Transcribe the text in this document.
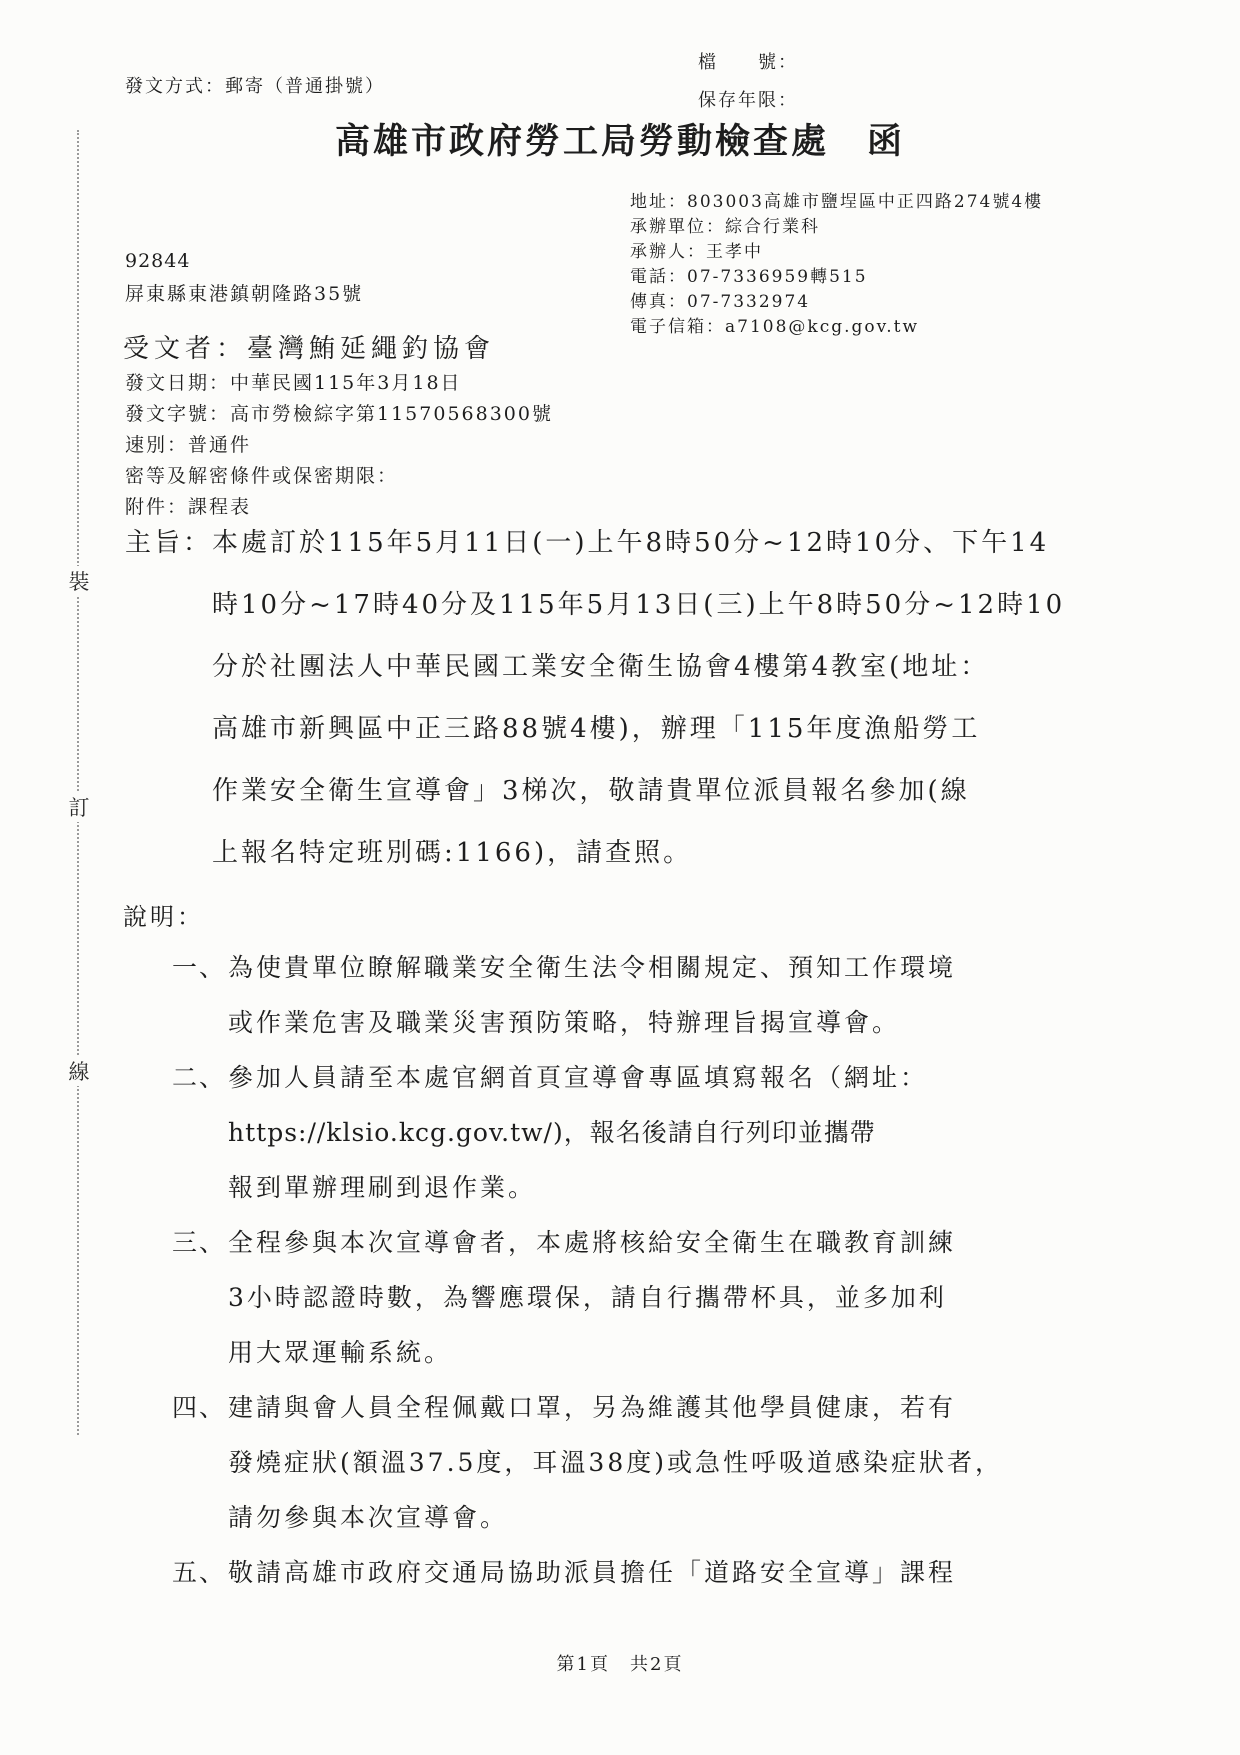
裝
訂
線
發文方式：郵寄（普通掛號）
檔　　號：
保存年限：
高雄市政府勞工局勞動檢查處　函
地址：803003高雄市鹽埕區中正四路274號4樓
承辦單位：綜合行業科
承辦人：王孝中
電話：07-7336959轉515
傳真：07-7332974
電子信箱：a7108@kcg.gov.tw
92844
屏東縣東港鎮朝隆路35號
受文者：臺灣鮪延繩釣協會
發文日期：中華民國115年3月18日
發文字號：高市勞檢綜字第11570568300號
速別：普通件
密等及解密條件或保密期限：
附件：課程表
主旨： 本處訂於115年5月11日(一)上午8時50分~12時10分、下午14
時10分~17時40分及115年5月13日(三)上午8時50分~12時10
分於社團法人中華民國工業安全衛生協會4樓第4教室(地址：
高雄市新興區中正三路88號4樓)，辦理「115年度漁船勞工
作業安全衛生宣導會」3梯次，敬請貴單位派員報名參加(線
上報名特定班別碼:1166)，請查照。
說明：
一、 為使貴單位瞭解職業安全衛生法令相關規定、預知工作環境
或作業危害及職業災害預防策略，特辦理旨揭宣導會。
二、 參加人員請至本處官網首頁宣導會專區填寫報名（網址：
https://klsio.kcg.gov.tw/)，報名後請自行列印並攜帶
報到單辦理刷到退作業。
三、 全程參與本次宣導會者，本處將核給安全衛生在職教育訓練
3小時認證時數，為響應環保，請自行攜帶杯具，並多加利
用大眾運輸系統。
四、 建請與會人員全程佩戴口罩，另為維護其他學員健康，若有
發燒症狀(額溫37.5度，耳溫38度)或急性呼吸道感染症狀者，
請勿參與本次宣導會。
五、 敬請高雄市政府交通局協助派員擔任「道路安全宣導」課程
第1頁　共2頁
